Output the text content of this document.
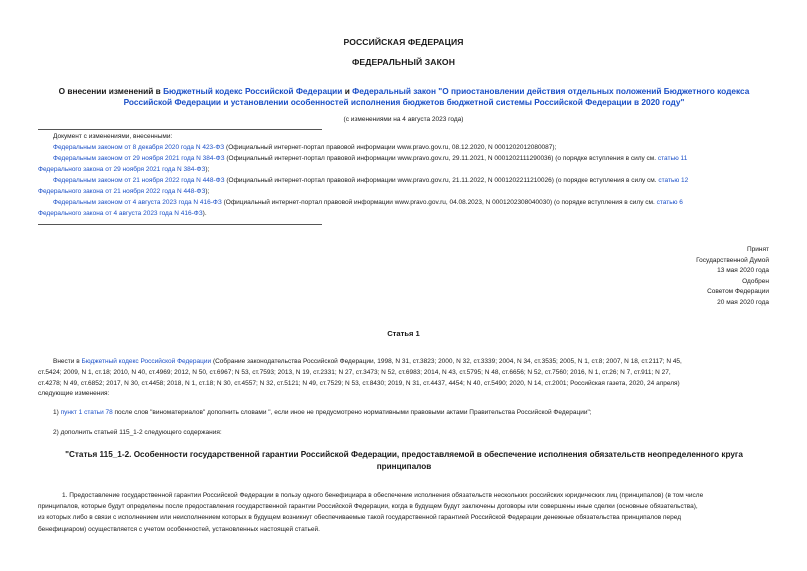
РОССИЙСКАЯ ФЕДЕРАЦИЯ
ФЕДЕРАЛЬНЫЙ ЗАКОН
О внесении изменений в Бюджетный кодекс Российской Федерации и Федеральный закон "О приостановлении действия отдельных положений Бюджетного кодекса Российской Федерации и установлении особенностей исполнения бюджетов бюджетной системы Российской Федерации в 2020 году"
(с изменениями на 4 августа 2023 года)
Документ с изменениями, внесенными:
Федеральным законом от 8 декабря 2020 года N 423-ФЗ (Официальный интернет-портал правовой информации www.pravo.gov.ru, 08.12.2020, N 0001202012080087);
Федеральным законом от 29 ноября 2021 года N 384-ФЗ (Официальный интернет-портал правовой информации www.pravo.gov.ru, 29.11.2021, N 0001202111290036) (о порядке вступления в силу см. статью 11
Федерального закона от 29 ноября 2021 года N 384-ФЗ);
Федеральным законом от 21 ноября 2022 года N 448-ФЗ (Официальный интернет-портал правовой информации www.pravo.gov.ru, 21.11.2022, N 0001202211210026) (о порядке вступления в силу см. статью 12
Федерального закона от 21 ноября 2022 года N 448-ФЗ);
Федеральным законом от 4 августа 2023 года N 416-ФЗ (Официальный интернет-портал правовой информации www.pravo.gov.ru, 04.08.2023, N 0001202308040030) (о порядке вступления в силу см. статью 6
Федерального закона от 4 августа 2023 года N 416-ФЗ).
Принят
Государственной Думой
13 мая 2020 года
Одобрен
Советом Федерации
20 мая 2020 года
Статья 1
Внести в Бюджетный кодекс Российской Федерации (Собрание законодательства Российской Федерации, 1998, N 31, ст.3823; 2000, N 32, ст.3339; 2004, N 34, ст.3535; 2005, N 1, ст.8; 2007, N 18, ст.2117; N 45,
ст.5424; 2009, N 1, ст.18; 2010, N 40, ст.4969; 2012, N 50, ст.6967; N 53, ст.7593; 2013, N 19, ст.2331; N 27, ст.3473; N 52, ст.6983; 2014, N 43, ст.5795; N 48, ст.6656; N 52, ст.7560; 2016, N 1, ст.26; N 7, ст.911; N 27,
ст.4278; N 49, ст.6852; 2017, N 30, ст.4458; 2018, N 1, ст.18; N 30, ст.4557; N 32, ст.5121; N 49, ст.7529; N 53, ст.8430; 2019, N 31, ст.4437, 4454; N 40, ст.5490; 2020, N 14, ст.2001; Российская газета, 2020, 24 апреля)
следующие изменения:
1) пункт 1 статьи 78 после слов "виноматериалов" дополнить словами ", если иное не предусмотрено нормативными правовыми актами Правительства Российской Федерации";
2) дополнить статьей 115_1-2 следующего содержания:
"Статья 115_1-2. Особенности государственной гарантии Российской Федерации, предоставляемой в обеспечение исполнения обязательств неопределенного круга принципалов
1. Предоставление государственной гарантии Российской Федерации в пользу одного бенефициара в обеспечение исполнения обязательств нескольких российских юридических лиц (принципалов) (в том числе
принципалов, которые будут определены после предоставления государственной гарантии Российской Федерации, когда в будущем будут заключены договоры или совершены иные сделки (основные обязательства),
из которых либо в связи с исполнением или неисполнением которых в будущем возникнут обеспечиваемые такой государственной гарантией Российской Федерации денежные обязательства принципалов перед
бенефициаром) осуществляется с учетом особенностей, установленных настоящей статьей.
